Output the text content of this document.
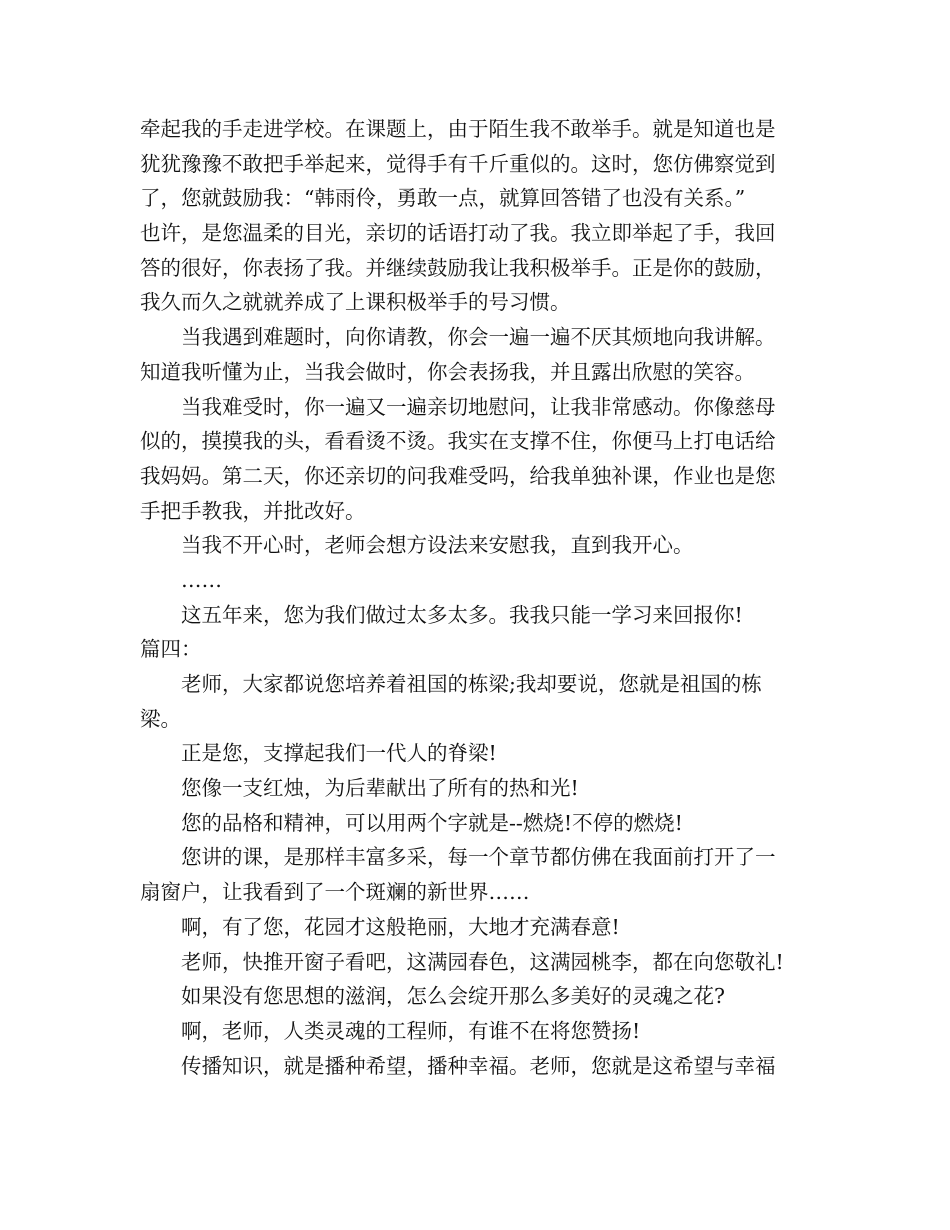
牵起我的手走进学校。在课题上，由于陌生我不敢举手。就是知道也是
犹犹豫豫不敢把手举起来，觉得手有千斤重似的。这时，您仿佛察觉到
了，您就鼓励我：“韩雨伶，勇敢一点，就算回答错了也没有关系。”
也许，是您温柔的目光，亲切的话语打动了我。我立即举起了手，我回
答的很好，你表扬了我。并继续鼓励我让我积极举手。正是你的鼓励，
我久而久之就就养成了上课积极举手的号习惯。
当我遇到难题时，向你请教，你会一遍一遍不厌其烦地向我讲解。
知道我听懂为止，当我会做时，你会表扬我，并且露出欣慰的笑容。
当我难受时，你一遍又一遍亲切地慰问，让我非常感动。你像慈母
似的，摸摸我的头，看看烫不烫。我实在支撑不住，你便马上打电话给
我妈妈。第二天，你还亲切的问我难受吗，给我单独补课，作业也是您
手把手教我，并批改好。
当我不开心时，老师会想方设法来安慰我，直到我开心。
……
这五年来，您为我们做过太多太多。我我只能一学习来回报你!
篇四：
老师，大家都说您培养着祖国的栋梁;我却要说，您就是祖国的栋
梁。
正是您，支撑起我们一代人的脊梁!
您像一支红烛，为后辈献出了所有的热和光!
您的品格和精神，可以用两个字就是--燃烧!不停的燃烧!
您讲的课，是那样丰富多采，每一个章节都仿佛在我面前打开了一
扇窗户，让我看到了一个斑斓的新世界……
啊，有了您，花园才这般艳丽，大地才充满春意!
老师，快推开窗子看吧，这满园春色，这满园桃李，都在向您敬礼!
如果没有您思想的滋润，怎么会绽开那么多美好的灵魂之花?
啊，老师，人类灵魂的工程师，有谁不在将您赞扬!
传播知识，就是播种希望，播种幸福。老师，您就是这希望与幸福
